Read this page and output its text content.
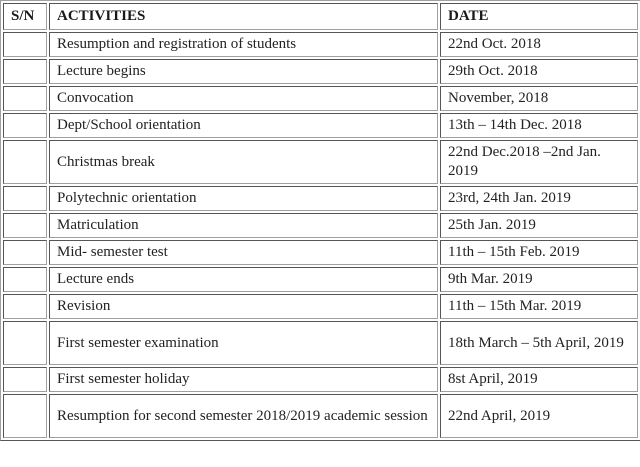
S/N	ACTIVITIES	DATE
	Resumption and registration of students	22nd Oct. 2018
	Lecture begins	29th Oct. 2018
	Convocation	November, 2018
	Dept/School orientation	13th – 14th Dec. 2018
	Christmas break	22nd Dec.2018 –2nd Jan. 2019
	Polytechnic orientation	23rd, 24th Jan. 2019
	Matriculation	25th Jan. 2019
	Mid- semester test	11th – 15th Feb. 2019
	Lecture ends	9th Mar. 2019
	Revision	11th – 15th Mar. 2019
	First semester examination	18th March – 5th April, 2019
	First semester holiday	8st April, 2019
	Resumption for second semester 2018/2019 academic session	22nd April, 2019
